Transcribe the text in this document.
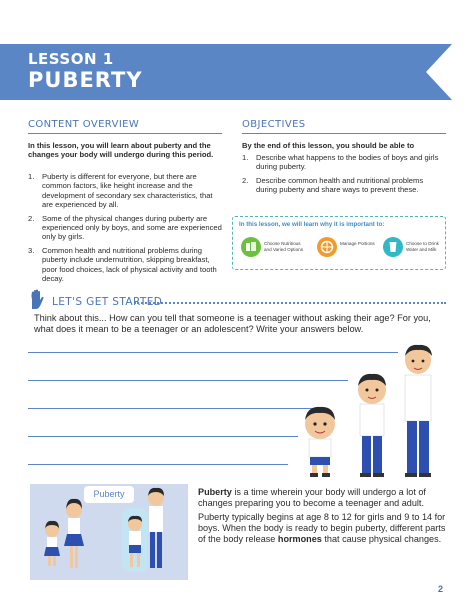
LESSON 1
PUBERTY
CONTENT OVERVIEW
In this lesson, you will learn about puberty and the changes your body will undergo during this period.
1. Puberty is different for everyone, but there are common factors, like height increase and the development of secondary sex characteristics, that are experienced by all.
2. Some of the physical changes during puberty are experienced only by boys, and some are experienced only by girls.
3. Common health and nutritional problems during puberty include undernutrition, skipping breakfast, poor food choices, lack of physical activity and tooth decay.
OBJECTIVES
By the end of this lesson, you should be able to
1. Describe what happens to the bodies of boys and girls during puberty.
2. Describe common health and nutritional problems during puberty and share ways to prevent these.
In this lesson, we will learn why it is important to:
Choose Nutritious and Varied Options
Manage Portions	Choose to Drink Water and Milk
LET'S GET STARTED
Think about this... How can you tell that someone is a teenager without asking their age? For you, what does it mean to be a teenager or an adolescent? Write your answers below.
Puberty	Puberty is a time wherein your body will undergo a lot of changes preparing you to become a teenager and adult.
Puberty typically begins at age 8 to 12 for girls and 9 to 14 for boys. When the body is ready to begin puberty, different parts of the body release hormones that cause physical changes.
2
